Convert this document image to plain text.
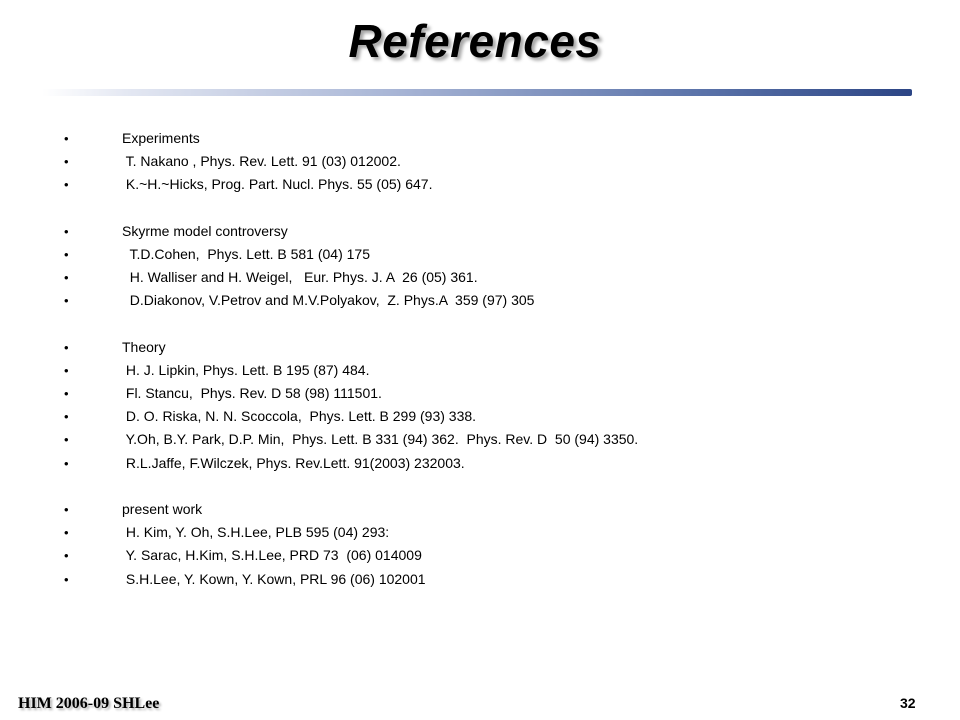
References
•	Experiments
•	T. Nakano , Phys. Rev. Lett. 91 (03) 012002.
•	K.~H.~Hicks, Prog. Part. Nucl. Phys. 55 (05) 647.
•	Skyrme model controversy
•	T.D.Cohen,  Phys. Lett. B 581 (04) 175
•	H. Walliser and H. Weigel,   Eur. Phys. J. A  26 (05) 361.
•	D.Diakonov, V.Petrov and M.V.Polyakov,  Z. Phys.A  359 (97) 305
•	Theory
•	H. J. Lipkin, Phys. Lett. B 195 (87) 484.
•	Fl. Stancu,  Phys. Rev. D 58 (98) 111501.
•	D. O. Riska, N. N. Scoccola,  Phys. Lett. B 299 (93) 338.
•	Y.Oh, B.Y. Park, D.P. Min,  Phys. Lett. B 331 (94) 362.  Phys. Rev. D  50 (94) 3350.
•	R.L.Jaffe, F.Wilczek, Phys. Rev.Lett. 91(2003) 232003.
•	present work
•	H. Kim, Y. Oh, S.H.Lee, PLB 595 (04) 293:
•	Y. Sarac, H.Kim, S.H.Lee, PRD 73  (06) 014009
•	S.H.Lee, Y. Kown, Y. Kown, PRL 96 (06) 102001
HIM 2006-09 SHLee	32
